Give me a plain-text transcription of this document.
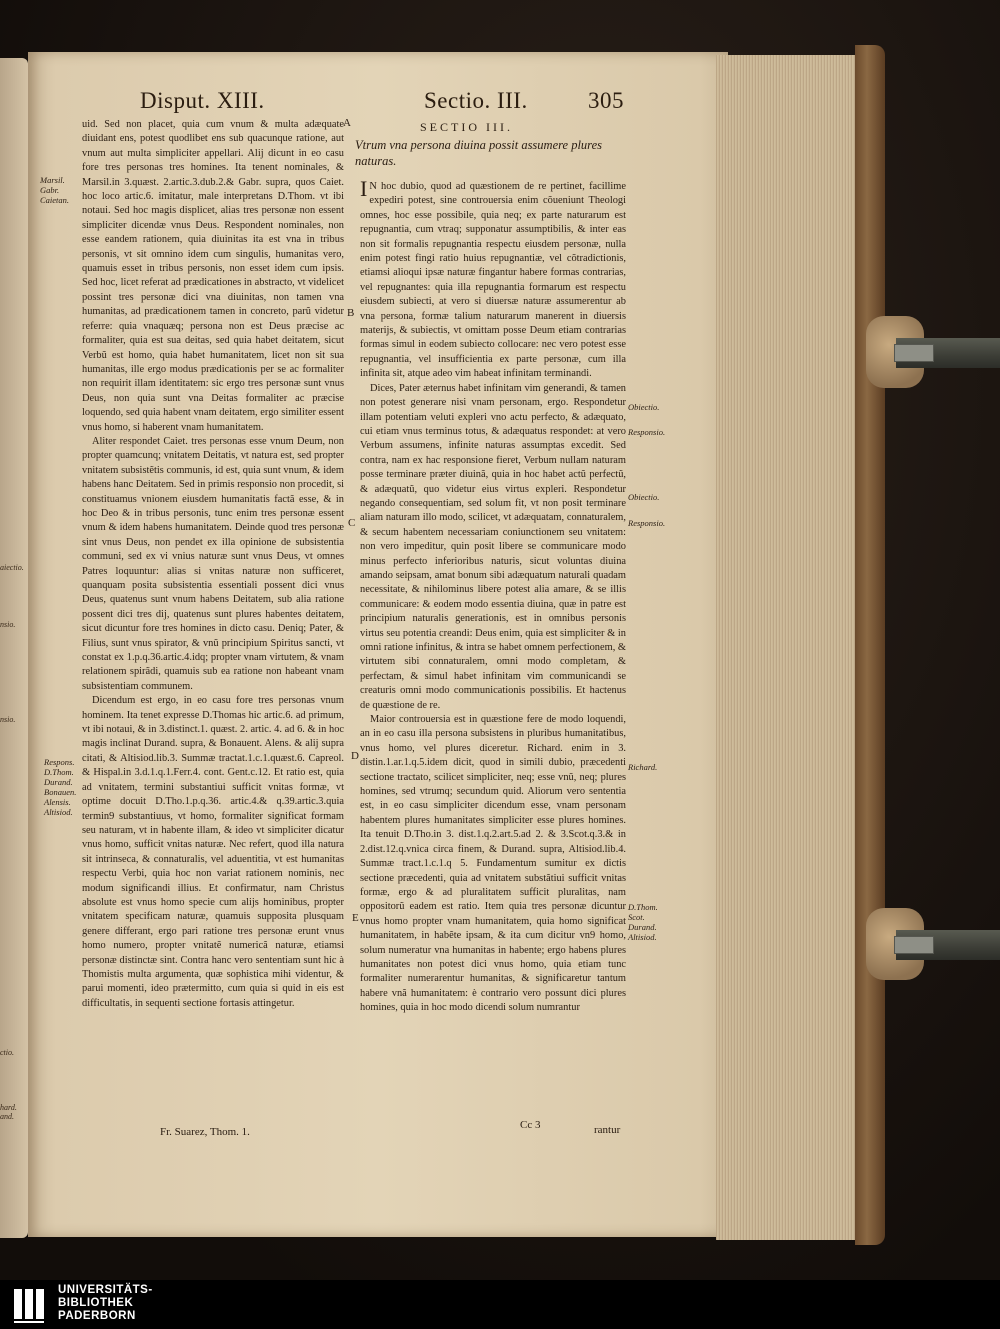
aiectio.
nsio.
nsio.
ctio.
hard.
and.
Disput. XIII.	Sectio. III.	305
SECTIO III.
Vtrum vna persona diuina possit assumere plures naturas.

uid. Sed non placet, quia cum vnum & multa adæquate diuidant ens, potest quodlibet ens sub quacunque ratione, aut vnum aut multa simpliciter appellari. Alij dicunt in eo casu fore tres personas tres homines. Ita tenent nominales, & Marsil.in 3.quæst. 2.artic.3.dub.2.& Gabr. supra, quos Caiet. hoc loco artic.6. imitatur, male interpretans D.Thom. vt ibi notaui. Sed hoc magis displicet, alias tres personæ non essent simpliciter dicendæ vnus Deus. Respondent nominales, non esse eandem rationem, quia diuinitas ita est vna in tribus personis, vt sit omnino idem cum singulis, humanitas vero, quamuis esset in tribus personis, non esset idem cum ipsis. Sed hoc, licet referat ad prædicationes in abstracto, vt videlicet possint tres personæ dici vna diuinitas, non tamen vna humanitas, ad prædicationem tamen in concreto, parũ videtur referre: quia vnaquæq; persona non est Deus præcise ac formaliter, quia est sua deitas, sed quia habet deitatem, sicut Verbũ est homo, quia habet humanitatem, licet non sit sua humanitas, ille ergo modus prædicationis per se ac formaliter non requirit illam identitatem: sic ergo tres personæ sunt vnus Deus, non quia sunt vna Deitas formaliter ac præcise loquendo, sed quia habent vnam deitatem, ergo similiter essent vnus homo, si haberent vnam humanitatem.

Aliter respondet Caiet. tres personas esse vnum Deum, non propter quamcunq; vnitatem Deitatis, vt natura est, sed propter vnitatem subsistẽtis communis, id est, quia sunt vnum, & idem habens hanc Deitatem. Sed in primis responsio non procedit, si constituamus vnionem eiusdem humanitatis factã esse, & in hoc Deo & in tribus personis, tunc enim tres personæ essent vnum & idem habens humanitatem. Deinde quod tres personæ sint vnus Deus, non pendet ex illa opinione de subsistentia communi, sed ex vi vnius naturæ sunt vnus Deus, vt omnes Patres loquuntur: alias si vnitas naturæ non sufficeret, quanquam posita subsistentia essentiali possent dici vnus Deus, quatenus sunt vnum habens Deitatem, sub alia ratione possent dici tres dij, quatenus sunt plures habentes deitatem, sicut dicuntur fore tres homines in dicto casu. Deniq; Pater, & Filius, sunt vnus spirator, & vnũ principium Spiritus sancti, vt constat ex 1.p.q.36.artic.4.idq; propter vnam virtutem, & vnam relationem spirãdi, quamuis sub ea ratione non habeant vnam subsistentiam communem.

Dicendum est ergo, in eo casu fore tres personas vnum hominem. Ita tenet expresse D.Thomas hic artic.6. ad primum, vt ibi notaui, & in 3.distinct.1. quæst. 2. artic. 4. ad 6. & in hoc magis inclinat Durand. supra, & Bonauent. Alens. & alij supra citati, & Altisiod.lib.3. Summæ tractat.1.c.1.quæst.6. Capreol. & Hispal.in 3.d.1.q.1.Ferr.4. cont. Gent.c.12. Et ratio est, quia ad vnitatem, termini substantiui sufficit vnitas formæ, vt optime docuit D.Tho.1.p.q.36. artic.4.& q.39.artic.3.quia termin9 substantiuus, vt homo, formaliter significat formam seu naturam, vt in habente illam, & ideo vt simpliciter dicatur vnus homo, sufficit vnitas naturæ. Nec refert, quod illa natura sit intrinseca, & connaturalis, vel aduentitia, vt est humanitas respectu Verbi, quia hoc non variat rationem nominis, nec modum significandi illius. Et confirmatur, nam Christus absolute est vnus homo specie cum alijs hominibus, propter vnitatem specificam naturæ, quamuis supposita plusquam genere differant, ergo pari ratione tres personæ erunt vnus homo numero, propter vnitatẽ numericã naturæ, etiamsi personæ distinctæ sint. Contra hanc vero sententiam sunt hic à Thomistis multa argumenta, quæ sophistica mihi videntur, & parui momenti, ideo prætermitto, cum quia si quid in eis est difficultatis, in sequenti sectione fortasis attingetur.

IN hoc dubio, quod ad quæstionem de re pertinet, facillime expediri potest, sine controuersia enim cõueniunt Theologi omnes, hoc esse possibile, quia neq; ex parte naturarum est repugnantia, cum vtraq; supponatur assumptibilis, & inter eas non sit formalis repugnantia respectu eiusdem personæ, nulla enim potest fingi ratio huius repugnantiæ, vel cõtradictionis, etiamsi alioqui ipsæ naturæ fingantur habere formas contrarias, vel repugnantes: quia illa repugnantia formarum est respectu eiusdem subiecti, at vero si diuersæ naturæ assumerentur ab vna persona, formæ talium naturarum manerent in diuersis materijs, & subiectis, vt omittam posse Deum etiam contrarias formas simul in eodem subiecto collocare: nec vero potest esse repugnantia, vel insufficientia ex parte personæ, cum illa infinita sit, atque adeo vim habeat infinitam terminandi.

Dices, Pater æternus habet infinitam vim generandi, & tamen non potest generare nisi vnam personam, ergo. Respondetur illam potentiam veluti expleri vno actu perfecto, & adæquato, cui etiam vnus terminus totus, & adæquatus respondet: at vero Verbum assumens, infinite naturas assumptas excedit. Sed contra, nam ex hac responsione fieret, Verbum nullam naturam posse terminare præter diuinã, quia in hoc habet actũ perfectũ, & adæquatũ, quo videtur eius virtus expleri. Respondetur negando consequentiam, sed solum fit, vt non posit terminare aliam naturam illo modo, scilicet, vt adæquatam, connaturalem, & secum habentem necessariam coniunctionem seu vnitatem: non vero impeditur, quin posit libere se communicare modo minus perfecto inferioribus naturis, sicut voluntas diuina amando seipsam, amat bonum sibi adæquatum naturali quadam necessitate, & nihilominus libere potest alia amare, & se illis communicare: & eodem modo essentia diuina, quæ in patre est principium naturalis generationis, est in omnibus personis virtus seu potentia creandi: Deus enim, quia est simpliciter & in omni ratione infinitus, & intra se habet omnem perfectionem, & virtutem sibi connaturalem, omni modo completam, & perfectam, & simul habet infinitam vim communicandi se creaturis omni modo communicationis possibilis. Et hactenus de quæstione de re.

Maior controuersia est in quæstione fere de modo loquendi, an in eo casu illa persona subsistens in pluribus humanitatibus, vnus homo, vel plures diceretur. Richard. enim in 3. distin.1.ar.1.q.5.idem dicit, quod in simili dubio, præcedenti sectione tractato, scilicet simpliciter, neq; esse vnũ, neq; plures homines, sed vtrumq; secundum quid. Aliorum vero sententia est, in eo casu simpliciter dicendum esse, vnam personam habentem plures humanitates simpliciter esse plures homines. Ita tenuit D.Tho.in 3. dist.1.q.2.art.5.ad 2. & 3.Scot.q.3.& in 2.dist.12.q.vnica circa finem, & Durand. supra, Altisiod.lib.4. Summæ tract.1.c.1.q 5. Fundamentum sumitur ex dictis sectione præcedenti, quia ad vnitatem substãtiui sufficit vnitas formæ, ergo & ad pluralitatem sufficit pluralitas, nam oppositorũ eadem est ratio. Item quia tres personæ dicuntur vnus homo propter vnam humanitatem, quia homo significat humanitatem, in habẽte ipsam, & ita cum dicitur vn9 homo, solum numeratur vna humanitas in habente; ergo habens plures humanitates non potest dici vnus homo, quia etiam tunc formaliter numerarentur humanitas, & significaretur tantum habere vnã humanitatem: è contrario vero possunt dici plures homines, quia in hoc modo dicendi solum numrantur

A
B
C
D
E
Marsil.
Gabr.
Caietan.
Respons.
D.Thom.
Durand.
Bonauen.
Alensis.
Altisiod.
Obiectio.
Responsio.
Obiectio.
Responsio.
Richard.
D.Thom.
Scot.
Durand.
Altisiod.
Fr. Suarez, Thom. 1.
Cc 3	rantur
UNIVERSITÄTS-
BIBLIOTHEK
PADERBORN
